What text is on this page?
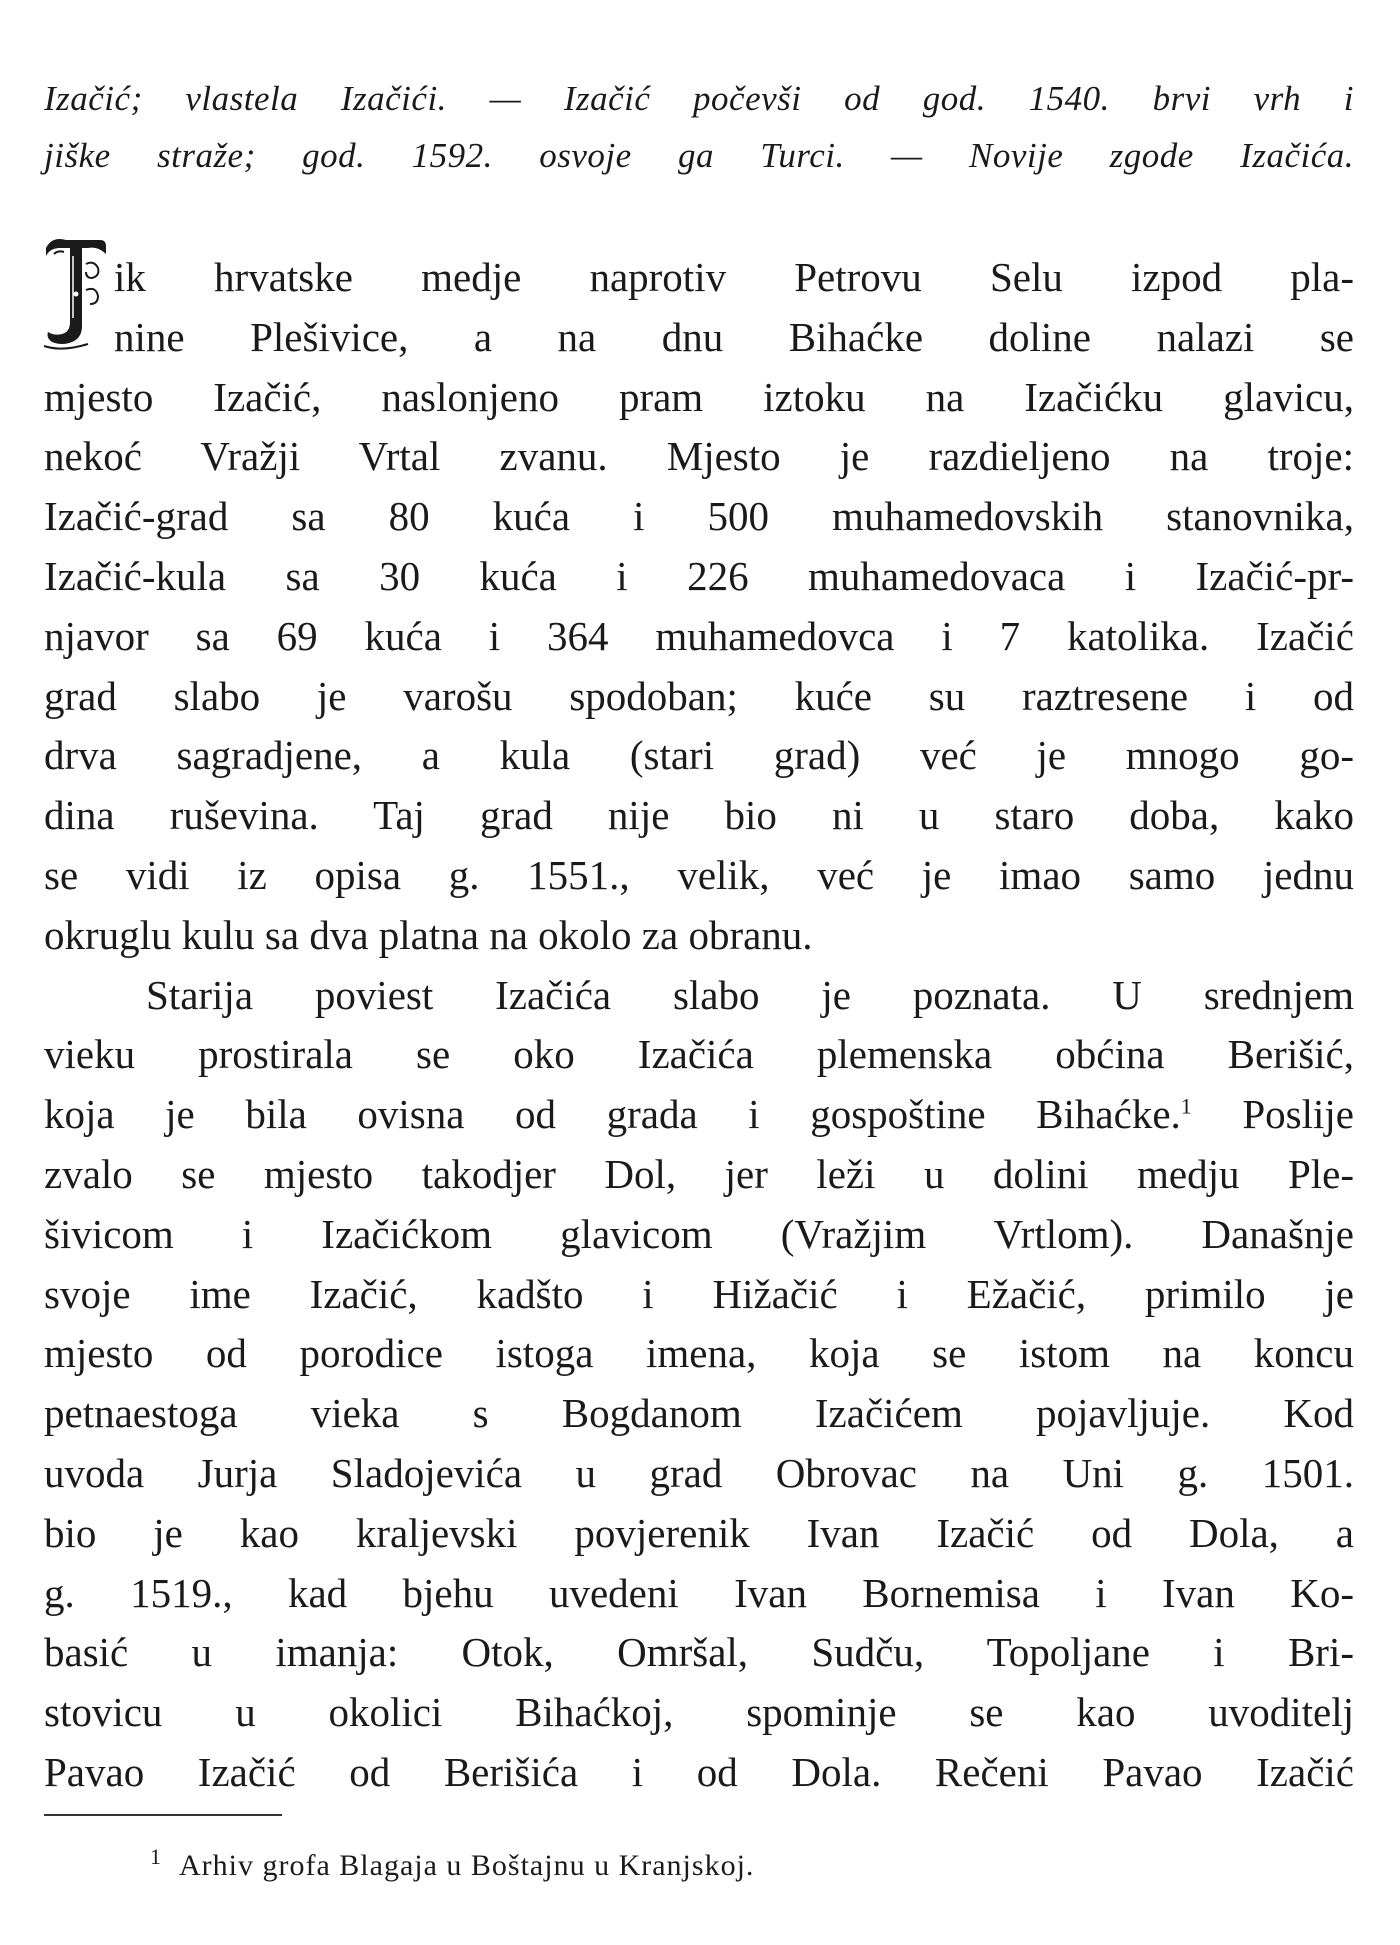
Izačić; vlastela Izačići. — Izačić počevši od god. 1540. brvi vrh i
jiške straže; god. 1592. osvoje ga Turci. — Novije zgode Izačića.
ik hrvatske medje naprotiv Petrovu Selu izpod pla-
nine Plešivice, a na dnu Bihaćke doline nalazi se
mjesto Izačić, naslonjeno pram iztoku na Izačićku glavicu,
nekoć Vražji Vrtal zvanu. Mjesto je razdieljeno na troje:
Izačić-grad sa 80 kuća i 500 muhamedovskih stanovnika,
Izačić-kula sa 30 kuća i 226 muhamedovaca i Izačić-pr-
njavor sa 69 kuća i 364 muhamedovca i 7 katolika. Izačić
grad slabo je varošu spodoban; kuće su raztresene i od
drva sagradjene, a kula (stari grad) već je mnogo go-
dina ruševina. Taj grad nije bio ni u staro doba, kako
se vidi iz opisa g. 1551., velik, već je imao samo jednu
okruglu kulu sa dva platna na okolo za obranu.
Starija poviest Izačića slabo je poznata. U srednjem
vieku prostirala se oko Izačića plemenska obćina Berišić,
koja je bila ovisna od grada i gospoštine Bihaćke.$^1$ Poslije
zvalo se mjesto takodjer Dol, jer leži u dolini medju Ple-
šivicom i Izačićkom glavicom (Vražjim Vrtlom). Današnje
svoje ime Izačić, kadšto i Hižačić i Ežačić, primilo je
mjesto od porodice istoga imena, koja se istom na koncu
petnaestoga vieka s Bogdanom Izačićem pojavljuje. Kod
uvoda Jurja Sladojevića u grad Obrovac na Uni g. 1501.
bio je kao kraljevski povjerenik Ivan Izačić od Dola, a
g. 1519., kad bjehu uvedeni Ivan Bornemisa i Ivan Ko-
basić u imanja: Otok, Omršal, Sudču, Topoljane i Bri-
stovicu u okolici Bihaćkoj, spominje se kao uvoditelj
Pavao Izačić od Berišića i od Dola. Rečeni Pavao Izačić
$^1$ Arhiv grofa Blagaja u Boštajnu u Kranjskoj.
